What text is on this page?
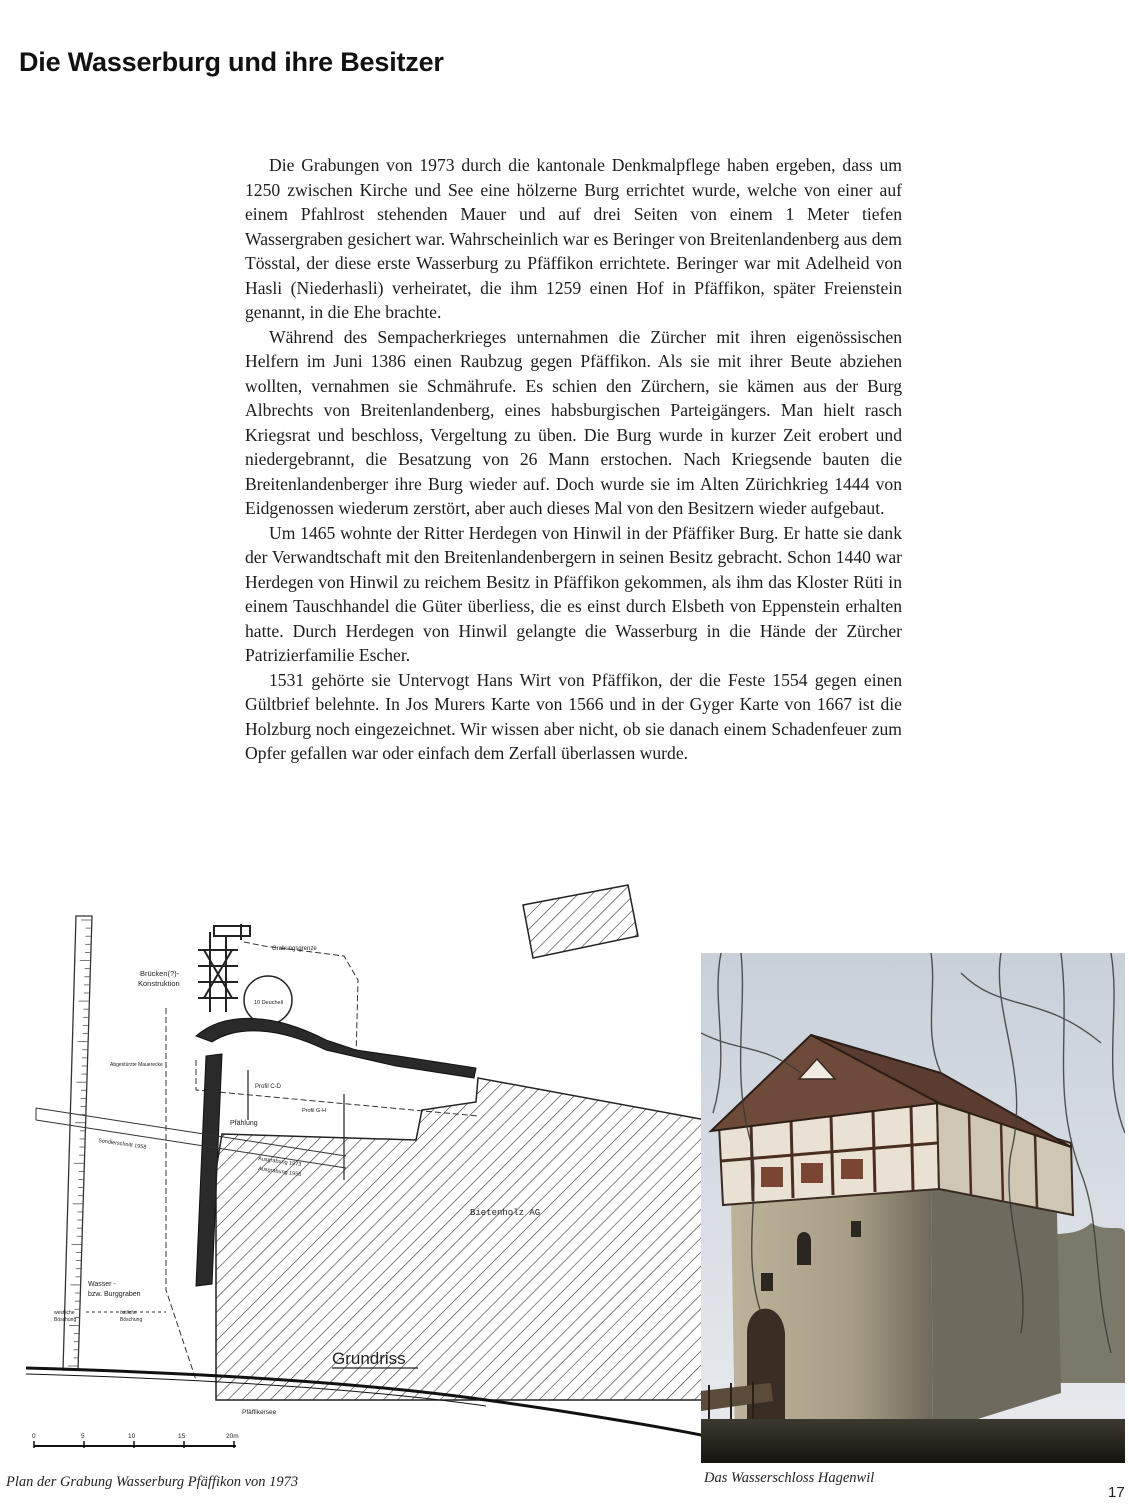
Die Wasserburg und ihre Besitzer

Die Grabungen von 1973 durch die kantonale Denkmalpflege haben ergeben, dass um 1250 zwischen Kirche und See eine hölzerne Burg errichtet wurde, welche von einer auf einem Pfahlrost stehenden Mauer und auf drei Seiten von einem 1 Meter tiefen Wassergraben gesichert war. Wahrscheinlich war es Beringer von Breitenlandenberg aus dem Tösstal, der diese erste Wasserburg zu Pfäffikon errichtete. Beringer war mit Adelheid von Hasli (Niederhasli) verheiratet, die ihm 1259 einen Hof in Pfäffikon, später Freienstein genannt, in die Ehe brachte.

Während des Sempacherkrieges unternahmen die Zürcher mit ihren eigenössischen Helfern im Juni 1386 einen Raubzug gegen Pfäffikon. Als sie mit ihrer Beute abziehen wollten, vernahmen sie Schmährufe. Es schien den Zürchern, sie kämen aus der Burg Albrechts von Breitenlandenberg, eines habsburgischen Parteigängers. Man hielt rasch Kriegsrat und beschloss, Vergeltung zu üben. Die Burg wurde in kurzer Zeit erobert und niedergebrannt, die Besatzung von 26 Mann erstochen. Nach Kriegsende bauten die Breitenlandenberger ihre Burg wieder auf. Doch wurde sie im Alten Zürichkrieg 1444 von Eidgenossen wiederum zerstört, aber auch dieses Mal von den Besitzern wieder aufgebaut.

Um 1465 wohnte der Ritter Herdegen von Hinwil in der Pfäffiker Burg. Er hatte sie dank der Verwandtschaft mit den Breitenlandenbergern in seinen Besitz gebracht. Schon 1440 war Herdegen von Hinwil zu reichem Besitz in Pfäffikon gekommen, als ihm das Kloster Rüti in einem Tauschhandel die Güter überliess, die es einst durch Elsbeth von Eppenstein erhalten hatte. Durch Herdegen von Hinwil gelangte die Wasserburg in die Hände der Zürcher Patrizierfamilie Escher.

1531 gehörte sie Untervogt Hans Wirt von Pfäffikon, der die Feste 1554 gegen einen Gültbrief belehnte. In Jos Murers Karte von 1566 und in der Gyger Karte von 1667 ist die Holzburg noch eingezeichnet. Wir wissen aber nicht, ob sie danach einem Schadenfeuer zum Opfer gefallen war oder einfach dem Zerfall überlassen wurde.

Grabungsgrenze
Brücken(?)-
Konstruktion
10 Deucheli
Abgestürzte Mauerecke
Profil C-D
Profil G-H
Pfählung
Sondierschnitt 1958
Ausgrabung 1973
Ausgrabung 1958
Bietenholz AG
Wasser -
bzw. Burggraben
westliche
Böschung
östliche
Böschung
Grundriss
Pfäffikersee
0	5	10	15	20m

Plan der Grabung Wasserburg Pfäffikon von 1973	Das Wasserschloss Hagenwil

17
